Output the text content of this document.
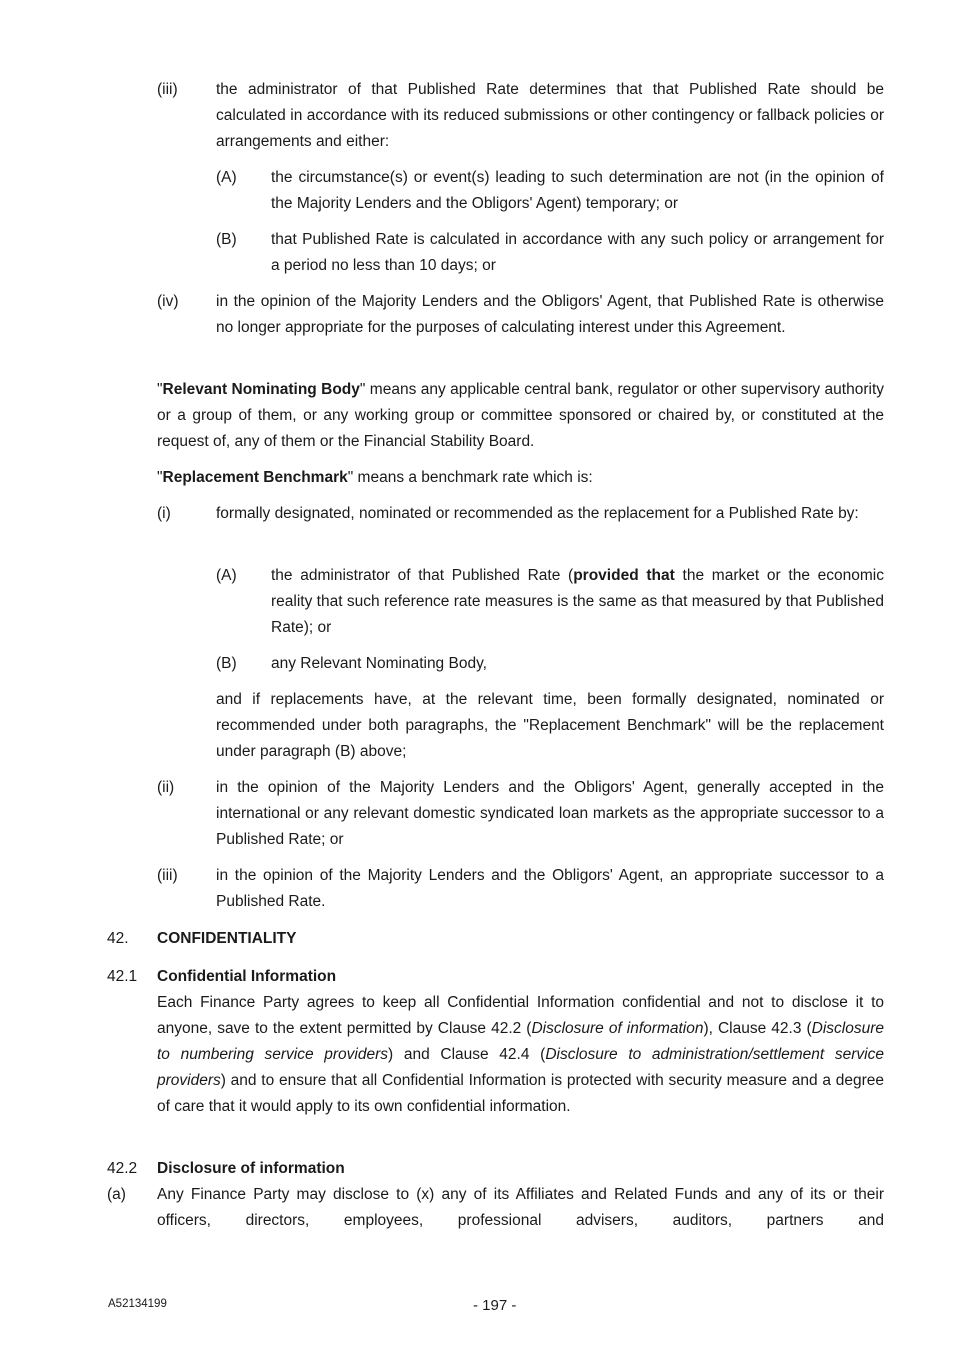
(iii) the administrator of that Published Rate determines that that Published Rate should be calculated in accordance with its reduced submissions or other contingency or fallback policies or arrangements and either:
(A) the circumstance(s) or event(s) leading to such determination are not (in the opinion of the Majority Lenders and the Obligors' Agent) temporary; or
(B) that Published Rate is calculated in accordance with any such policy or arrangement for a period no less than 10 days; or
(iv) in the opinion of the Majority Lenders and the Obligors' Agent, that Published Rate is otherwise no longer appropriate for the purposes of calculating interest under this Agreement.
"Relevant Nominating Body" means any applicable central bank, regulator or other supervisory authority or a group of them, or any working group or committee sponsored or chaired by, or constituted at the request of, any of them or the Financial Stability Board.
"Replacement Benchmark" means a benchmark rate which is:
(i)	formally designated, nominated or recommended as the replacement for a Published Rate by:
(A) the administrator of that Published Rate (provided that the market or the economic reality that such reference rate measures is the same as that measured by that Published Rate); or
(B) any Relevant Nominating Body,
and if replacements have, at the relevant time, been formally designated, nominated or recommended under both paragraphs, the "Replacement Benchmark" will be the replacement under paragraph (B) above;
(ii)	in the opinion of the Majority Lenders and the Obligors' Agent, generally accepted in the international or any relevant domestic syndicated loan markets as the appropriate successor to a Published Rate; or
(iii) in the opinion of the Majority Lenders and the Obligors' Agent, an appropriate successor to a Published Rate.
42. CONFIDENTIALITY
42.1 Confidential Information
Each Finance Party agrees to keep all Confidential Information confidential and not to disclose it to anyone, save to the extent permitted by Clause 42.2 (Disclosure of information), Clause 42.3 (Disclosure to numbering service providers) and Clause 42.4 (Disclosure to administration/settlement service providers) and to ensure that all Confidential Information is protected with security measure and a degree of care that it would apply to its own confidential information.
42.2 Disclosure of information
(a) Any Finance Party may disclose to (x) any of its Affiliates and Related Funds and any of its or their officers, directors, employees, professional advisers, auditors, partners and
A52134199	- 197 -
